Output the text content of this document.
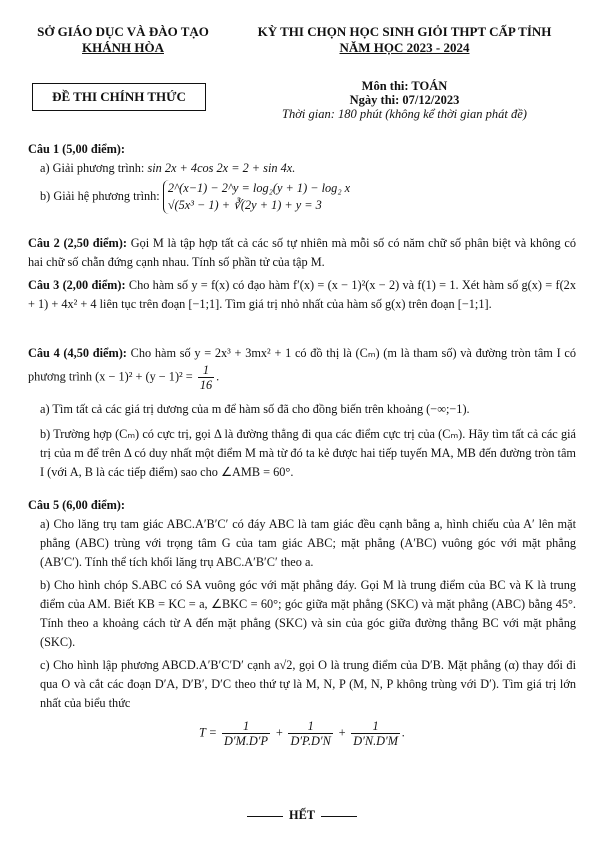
SỞ GIÁO DỤC VÀ ĐÀO TẠO
KHÁNH HÒA
KỲ THI CHỌN HỌC SINH GIỎI THPT CẤP TỈNH
NĂM HỌC 2023 - 2024
ĐỀ THI CHÍNH THỨC
Môn thi: TOÁN
Ngày thi: 07/12/2023
Thời gian: 180 phút (không kể thời gian phát đề)
Câu 1 (5,00 điểm):
a) Giải phương trình: sin 2x + 4cos 2x = 2 + sin 4x.
b) Giải hệ phương trình:
2^(x−1) − 2^y = log₂(y + 1) − log₂ x
√(5x³ − 1) + ∛(2y + 1) + y = 3
Câu 2 (2,50 điểm): Gọi M là tập hợp tất cả các số tự nhiên mà mỗi số có năm chữ số phân biệt và không có hai chữ số chẵn đứng cạnh nhau. Tính số phần tử của tập M.
Câu 3 (2,00 điểm): Cho hàm số y = f(x) có đạo hàm f′(x) = (x − 1)²(x − 2) và f(1) = 1. Xét hàm số g(x) = f(2x + 1) + 4x² + 4 liên tục trên đoạn [−1;1]. Tìm giá trị nhỏ nhất của hàm số g(x) trên đoạn [−1;1].
Câu 4 (4,50 điểm): Cho hàm số y = 2x³ + 3mx² + 1 có đồ thị là (Cₘ) (m là tham số) và đường tròn tâm I có phương trình $(x - 1)^2 + (y - 1)^2 = \frac{1}{16}$ .
a) Tìm tất cả các giá trị dương của m để hàm số đã cho đồng biến trên khoảng (−∞;−1).
b) Trường hợp (Cₘ) có cực trị, gọi Δ là đường thẳng đi qua các điểm cực trị của (Cₘ). Hãy tìm tất cả các giá trị của m để trên Δ có duy nhất một điểm M mà từ đó ta kẻ được hai tiếp tuyến MA, MB đến đường tròn tâm I (với A, B là các tiếp điểm) sao cho ∠AMB = 60°.
Câu 5 (6,00 điểm):
a) Cho lăng trụ tam giác ABC.A′B′C′ có đáy ABC là tam giác đều cạnh bằng a, hình chiếu của A′ lên mặt phẳng (ABC) trùng với trọng tâm G của tam giác ABC; mặt phẳng (A′BC) vuông góc với mặt phẳng (AB′C′). Tính thể tích khối lăng trụ ABC.A′B′C′ theo a.
b) Cho hình chóp S.ABC có SA vuông góc với mặt phẳng đáy. Gọi M là trung điểm của BC và K là trung điểm của AM. Biết KB = KC = a, ∠BKC = 60°; góc giữa mặt phẳng (SKC) và mặt phẳng (ABC) bằng 45°. Tính theo a khoảng cách từ A đến mặt phẳng (SKC) và sin của góc giữa đường thẳng BC với mặt phẳng (SKC).
c) Cho hình lập phương ABCD.A′B′C′D′ cạnh a√2, gọi O là trung điểm của D′B. Mặt phẳng (α) thay đổi đi qua O và cắt các đoạn D′A, D′B′, D′C theo thứ tự là M, N, P (M, N, P không trùng với D′). Tìm giá trị lớn nhất của biểu thức
$T = \frac{1}{D'M.D'P} + \frac{1}{D'P.D'N} + \frac{1}{D'N.D'M}$ .
HẾT
